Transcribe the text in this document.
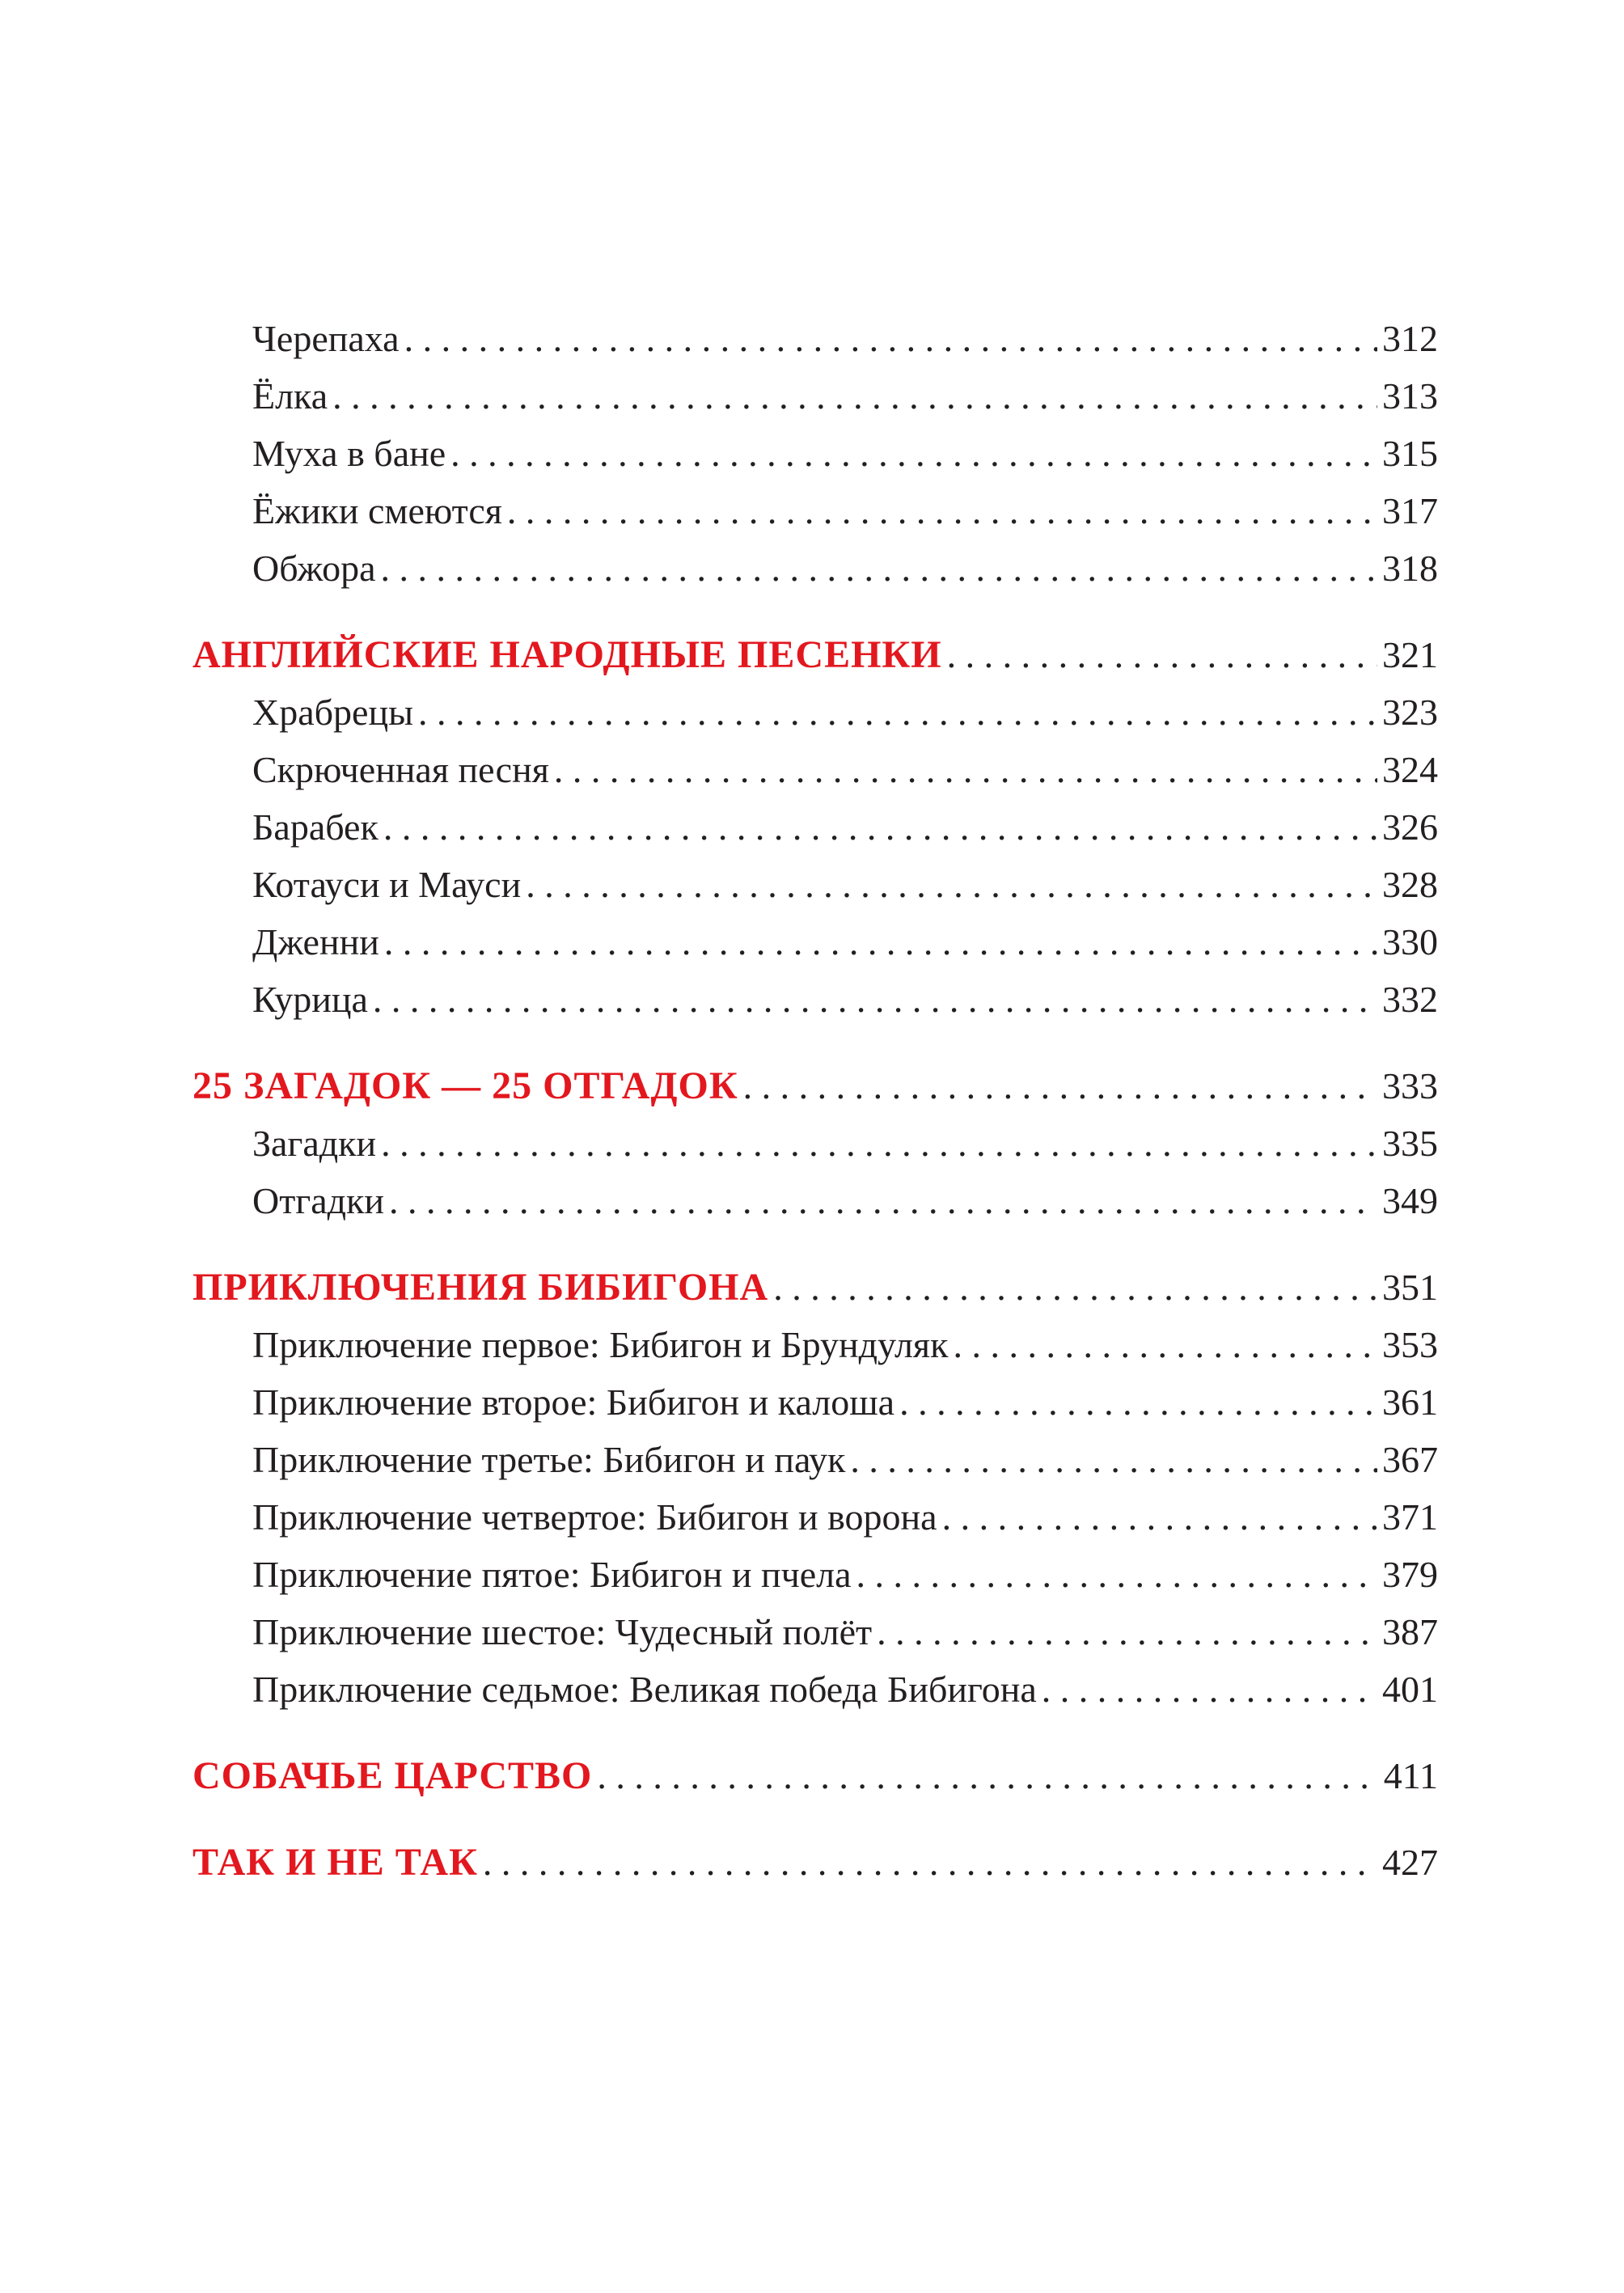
Черепаха . . .	312
Ёлка . . .	313
Муха в бане . . .	315
Ёжики смеются . . .	317
Обжора . . .	318
АНГЛИЙСКИЕ НАРОДНЫЕ ПЕСЕНКИ . . .	321
Храбрецы . . .	323
Скрюченная песня . . .	324
Барабек . . .	326
Котауси и Мауси . . .	328
Дженни . . .	330
Курица . . .	332
25 ЗАГАДОК — 25 ОТГАДОК . . .	333
Загадки . . .	335
Отгадки . . .	349
ПРИКЛЮЧЕНИЯ БИБИГОНА . . .	351
Приключение первое: Бибигон и Брундуляк . . .	353
Приключение второе: Бибигон и калоша . . .	361
Приключение третье: Бибигон и паук . . .	367
Приключение четвертое: Бибигон и ворона . . .	371
Приключение пятое: Бибигон и пчела . . .	379
Приключение шестое: Чудесный полёт . . .	387
Приключение седьмое: Великая победа Бибигона . . .	401
СОБАЧЬЕ ЦАРСТВО . . .	411
ТАК И НЕ ТАК . . .	427
